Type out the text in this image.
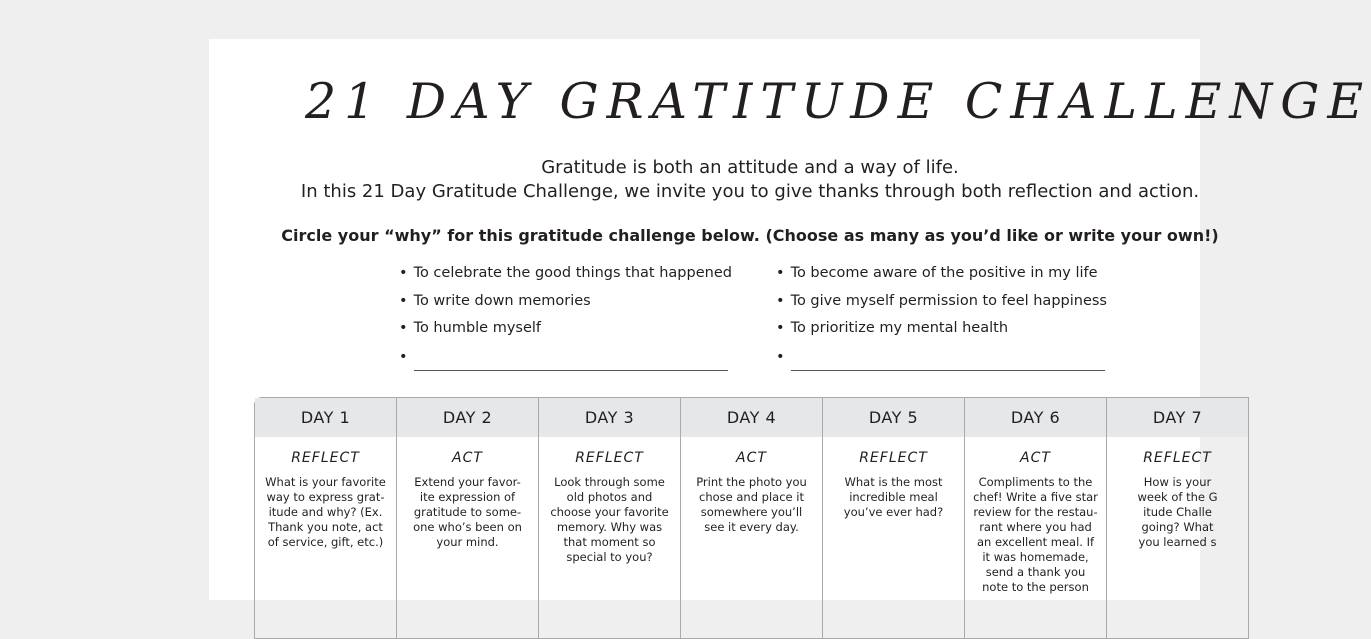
21 DAY GRATITUDE CHALLENGE
Gratitude is both an attitude and a way of life.
In this 21 Day Gratitude Challenge, we invite you to give thanks through both reflection and action.
Circle your “why” for this gratitude challenge below. (Choose as many as you’d like or write your own!)
• To celebrate the good things that happened
• To write down memories
• To humble myself
•
• To become aware of the positive in my life
• To give myself permission to feel happiness
• To prioritize my mental health
•
DAY 1
REFLECT
What is your favorite
way to express grat-
itude and why? (Ex.
Thank you note, act
of service, gift, etc.)
DAY 2
ACT
Extend your favor-
ite expression of
gratitude to some-
one who’s been on
your mind.
DAY 3
REFLECT
Look through some
old photos and
choose your favorite
memory. Why was
that moment so
special to you?
DAY 4
ACT
Print the photo you
chose and place it
somewhere you’ll
see it every day.
DAY 5
REFLECT
What is the most
incredible meal
you’ve ever had?
DAY 6
ACT
Compliments to the
chef! Write a five star
review for the restau-
rant where you had
an excellent meal. If
it was homemade,
send a thank you
note to the person
DAY 7
REFLECT
How is your
week of the G
itude Challe
going? What
you learned s
